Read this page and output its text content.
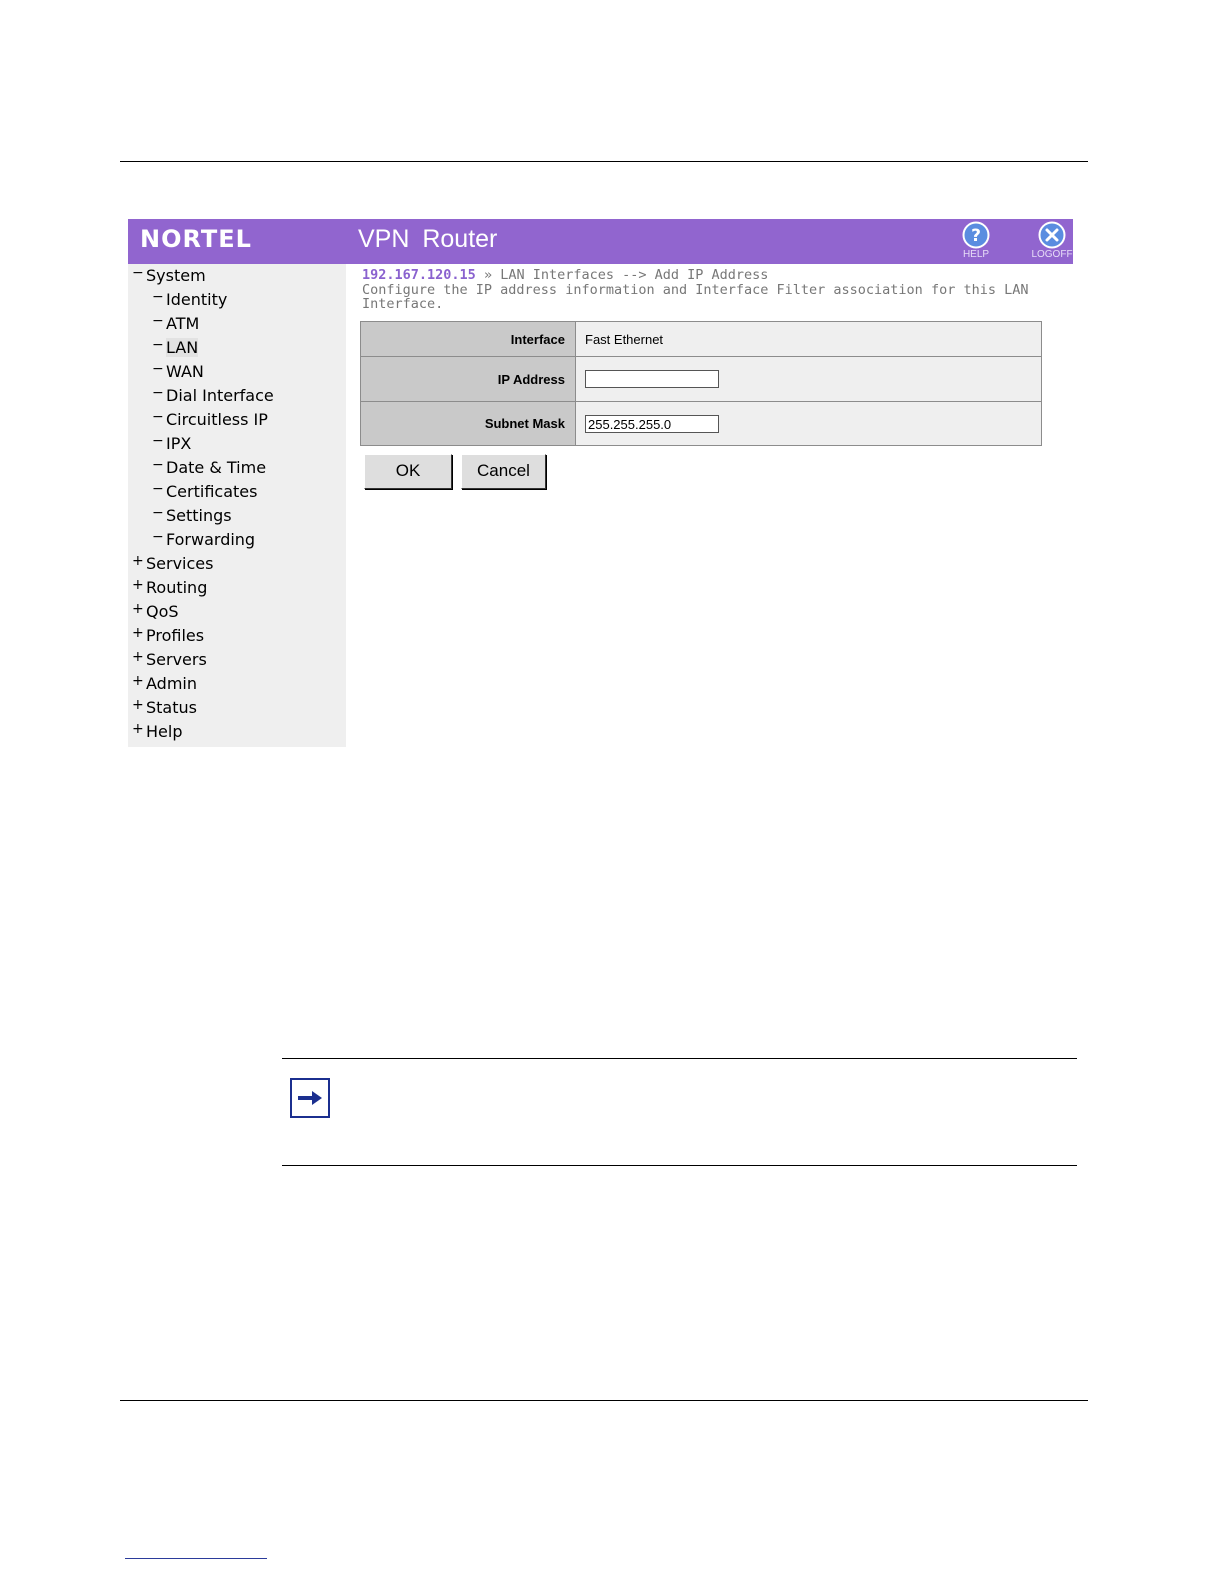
NORTEL	VPN Router	?
HELP	LOGOFF
− System
− Identity
− ATM
− LAN
− WAN
− Dial Interface
− Circuitless IP
− IPX
− Date & Time
− Certificates
− Settings
− Forwarding
+ Services
+ Routing
+ QoS
+ Profiles
+ Servers
+ Admin
+ Status
+ Help
192.167.120.15 » LAN Interfaces --> Add IP Address
Configure the IP address information and Interface Filter association for this LAN Interface.
Interface	Fast Ethernet
IP Address	

Subnet Mask	255.255.255.0
OK	Cancel
